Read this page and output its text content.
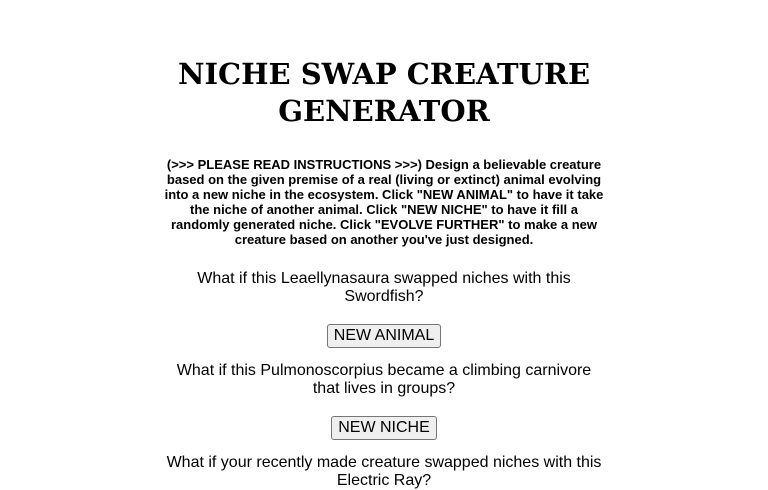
NICHE SWAP CREATURE GENERATOR

(>>> PLEASE READ INSTRUCTIONS >>>) Design a believable creature based on the given premise of a real (living or extinct) animal evolving into a new niche in the ecosystem. Click "NEW ANIMAL" to have it take the niche of another animal. Click "NEW NICHE" to have it fill a randomly generated niche. Click "EVOLVE FURTHER" to make a new creature based on another you've just designed.

What if this Leaellynasaura swapped niches with this Swordfish?

NEW ANIMAL

What if this Pulmonoscorpius became a climbing carnivore that lives in groups?

NEW NICHE

What if your recently made creature swapped niches with this Electric Ray?
